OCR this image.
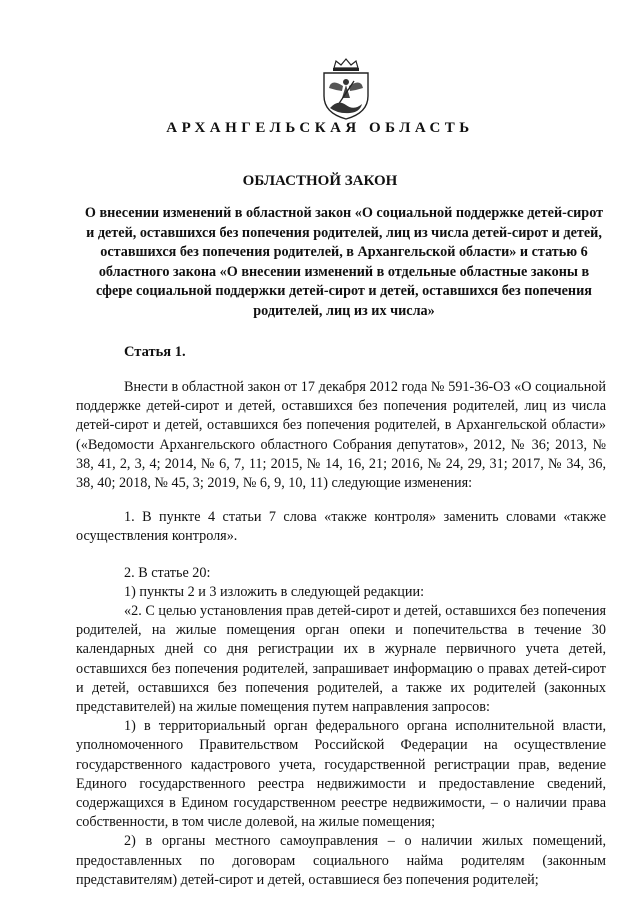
АРХАНГЕЛЬСКАЯ ОБЛАСТЬ
ОБЛАСТНОЙ ЗАКОН
О внесении изменений в областной закон «О социальной поддержке детей-сирот и детей, оставшихся без попечения родителей, лиц из числа детей-сирот и детей, оставшихся без попечения родителей, в Архангельской области» и статью 6 областного закона «О внесении изменений в отдельные областные законы в сфере социальной поддержки детей-сирот и детей, оставшихся без попечения родителей, лиц из их числа»
Статья 1.

Внести в областной закон от 17 декабря 2012 года № 591-36-ОЗ «О социальной поддержке детей-сирот и детей, оставшихся без попечения родителей, лиц из числа детей-сирот и детей, оставшихся без попечения родителей, в Архангельской области» («Ведомости Архангельского областного Собрания депутатов», 2012, № 36; 2013, № 38, 41, 2, 3, 4; 2014, № 6, 7, 11; 2015, № 14, 16, 21; 2016, № 24, 29, 31; 2017, № 34, 36, 38, 40; 2018, № 45, 3; 2019, № 6, 9, 10, 11) следующие изменения:

1. В пункте 4 статьи 7 слова «также контроля» заменить словами «также осуществления контроля».

2. В статье 20:

1) пункты 2 и 3 изложить в следующей редакции:

«2. С целью установления прав детей-сирот и детей, оставшихся без попечения родителей, на жилые помещения орган опеки и попечительства в течение 30 календарных дней со дня регистрации их в журнале первичного учета детей, оставшихся без попечения родителей, запрашивает информацию о правах детей-сирот и детей, оставшихся без попечения родителей, а также их родителей (законных представителей) на жилые помещения путем направления запросов:

1) в территориальный орган федерального органа исполнительной власти, уполномоченного Правительством Российской Федерации на осуществление государственного кадастрового учета, государственной регистрации прав, ведение Единого государственного реестра недвижимости и предоставление сведений, содержащихся в Едином государственном реестре недвижимости, – о наличии права собственности, в том числе долевой, на жилые помещения;

2) в органы местного самоуправления – о наличии жилых помещений, предоставленных по договорам социального найма родителям (законным представителям) детей-сирот и детей, оставшиеся без попечения родителей;
